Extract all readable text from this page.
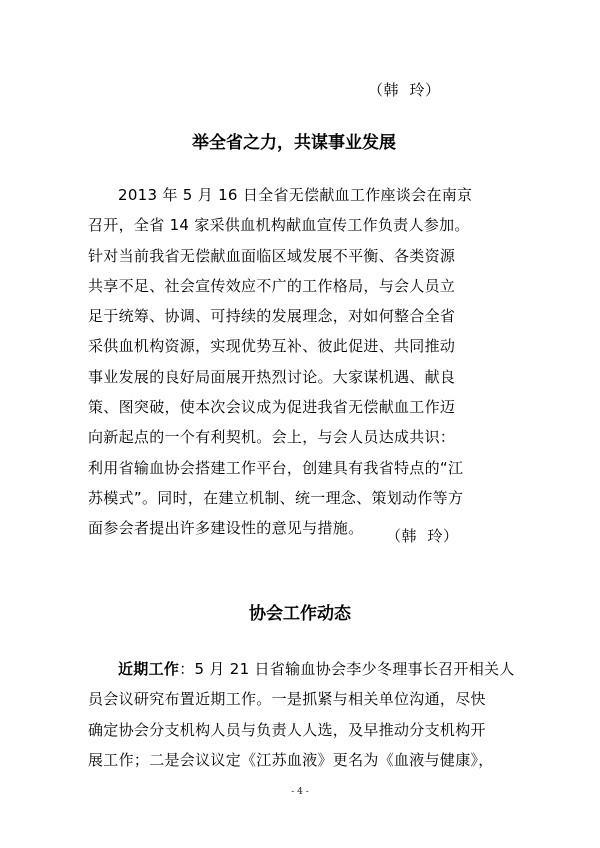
（韩  玲）
举全省之力，共谋事业发展
2013 年 5 月 16 日全省无偿献血工作座谈会在南京
召开，全省 14 家采供血机构献血宣传工作负责人参加。
针对当前我省无偿献血面临区域发展不平衡、各类资源
共享不足、社会宣传效应不广的工作格局，与会人员立
足于统筹、协调、可持续的发展理念，对如何整合全省
采供血机构资源，实现优势互补、彼此促进、共同推动
事业发展的良好局面展开热烈讨论。大家谋机遇、献良
策、图突破，使本次会议成为促进我省无偿献血工作迈
向新起点的一个有利契机。会上，与会人员达成共识：
利用省输血协会搭建工作平台，创建具有我省特点的“江
苏模式”。同时，在建立机制、统一理念、策划动作等方
面参会者提出许多建设性的意见与措施。	（韩  玲）
协会工作动态
近期工作：5 月 21 日省输血协会李少冬理事长召开相关人
员会议研究布置近期工作。一是抓紧与相关单位沟通，尽快
确定协会分支机构人员与负责人人选，及早推动分支机构开
展工作；二是会议议定《江苏血液》更名为《血液与健康》，
- 4 -
